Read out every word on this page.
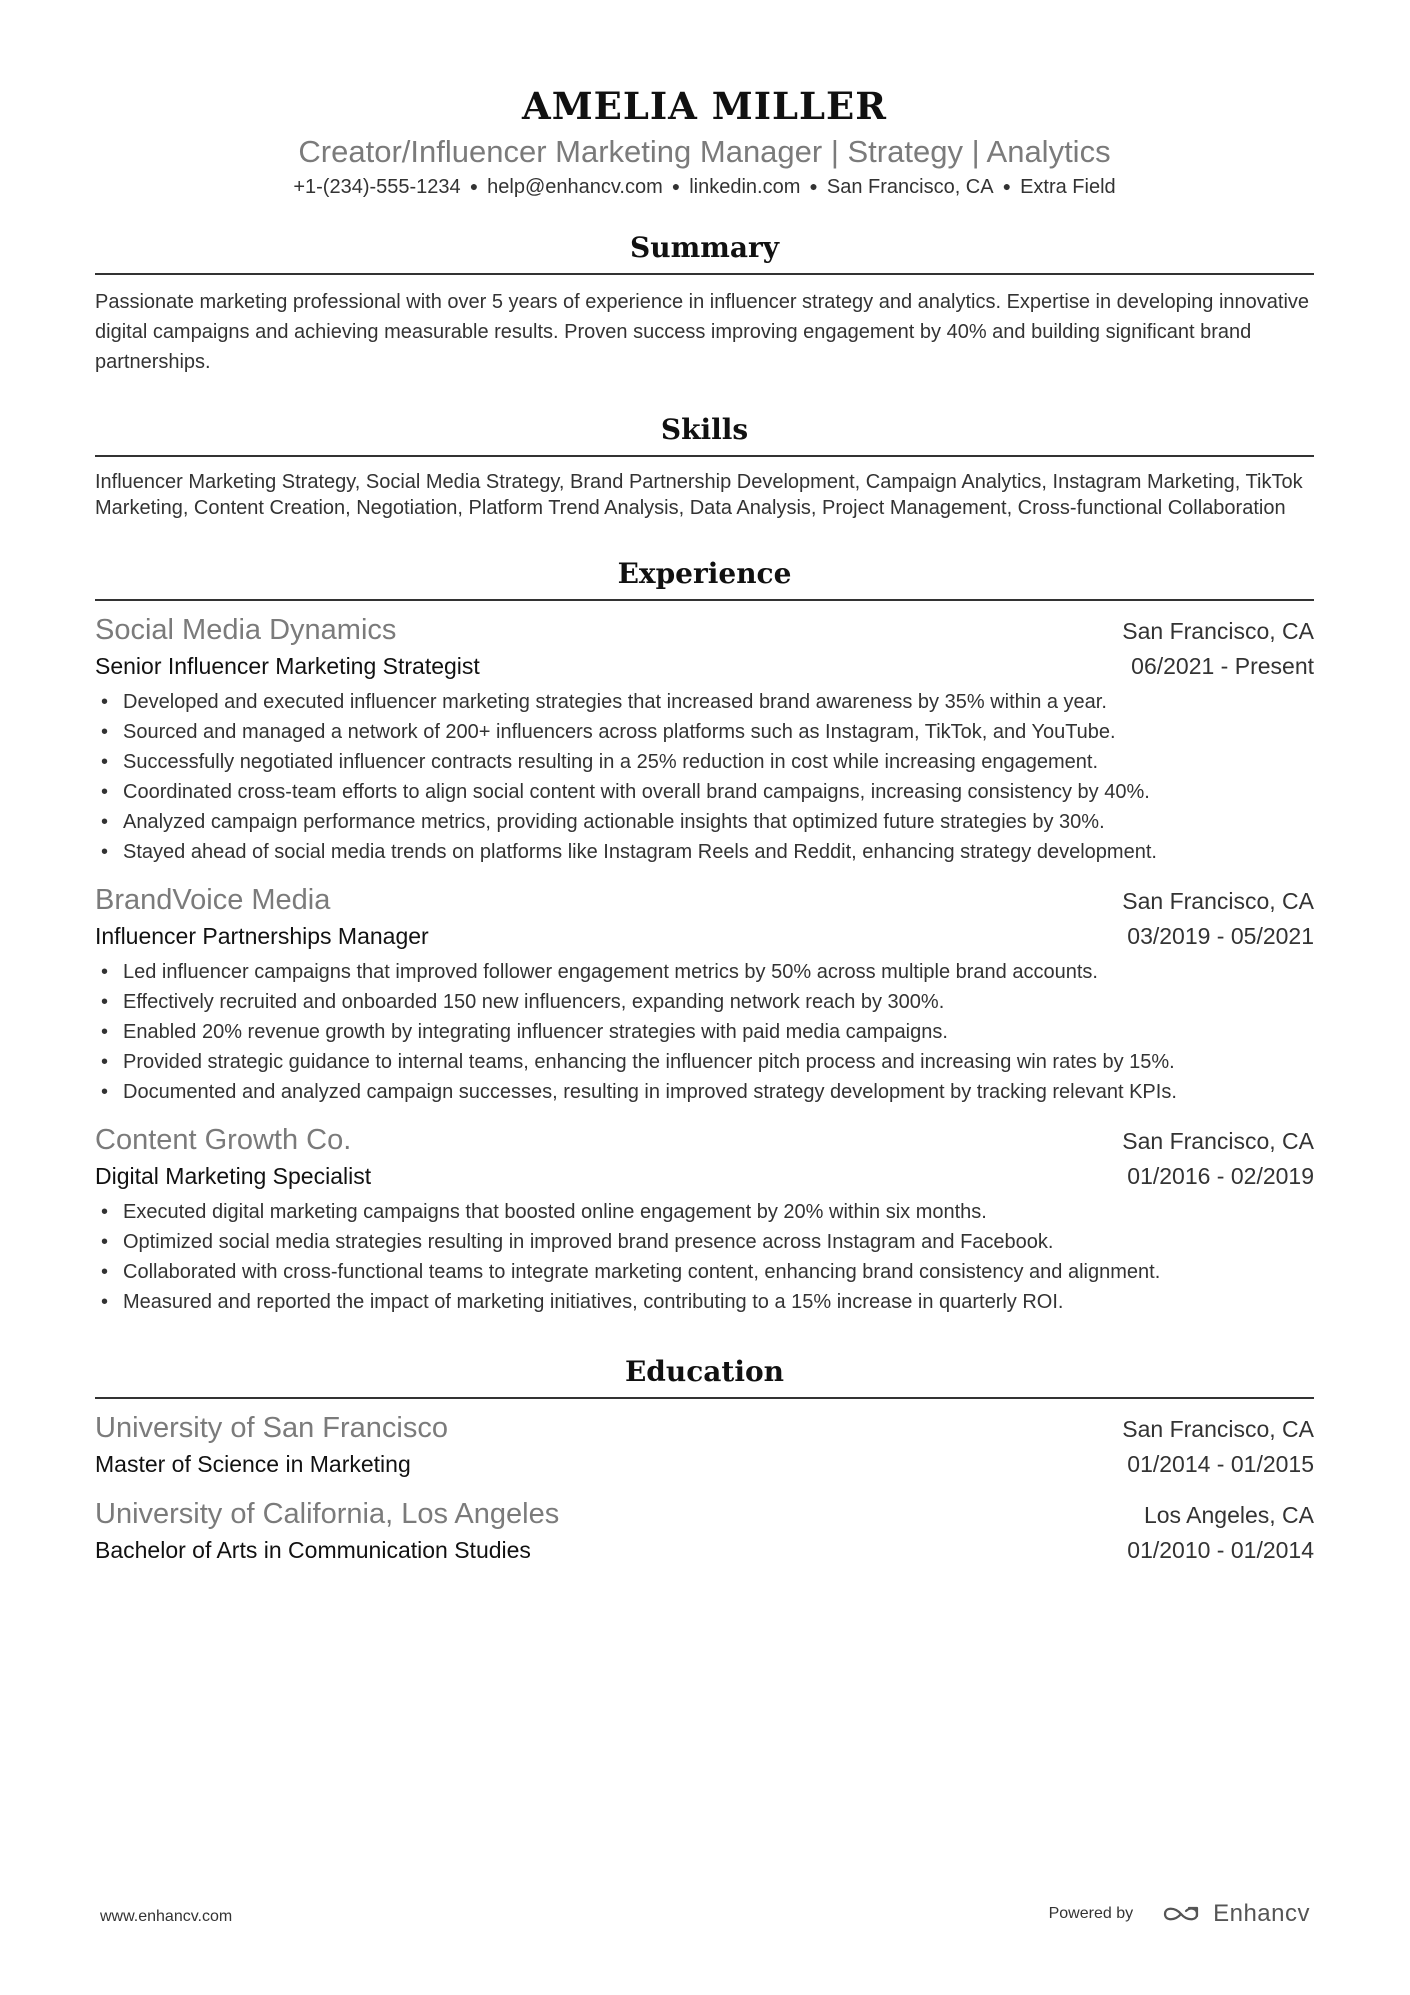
AMELIA MILLER
Creator/Influencer Marketing Manager | Strategy | Analytics
+1-(234)-555-1234 ● help@enhancv.com ● linkedin.com ● San Francisco, CA ● Extra Field
Summary
Passionate marketing professional with over 5 years of experience in influencer strategy and analytics. Expertise in developing innovative digital campaigns and achieving measurable results. Proven success improving engagement by 40% and building significant brand partnerships.
Skills
Influencer Marketing Strategy, Social Media Strategy, Brand Partnership Development, Campaign Analytics, Instagram Marketing, TikTok Marketing, Content Creation, Negotiation, Platform Trend Analysis, Data Analysis, Project Management, Cross-functional Collaboration
Experience
Social Media Dynamics	San Francisco, CA
Senior Influencer Marketing Strategist	06/2021 - Present
• Developed and executed influencer marketing strategies that increased brand awareness by 35% within a year.
• Sourced and managed a network of 200+ influencers across platforms such as Instagram, TikTok, and YouTube.
• Successfully negotiated influencer contracts resulting in a 25% reduction in cost while increasing engagement.
• Coordinated cross-team efforts to align social content with overall brand campaigns, increasing consistency by 40%.
• Analyzed campaign performance metrics, providing actionable insights that optimized future strategies by 30%.
• Stayed ahead of social media trends on platforms like Instagram Reels and Reddit, enhancing strategy development.
BrandVoice Media	San Francisco, CA
Influencer Partnerships Manager	03/2019 - 05/2021
• Led influencer campaigns that improved follower engagement metrics by 50% across multiple brand accounts.
• Effectively recruited and onboarded 150 new influencers, expanding network reach by 300%.
• Enabled 20% revenue growth by integrating influencer strategies with paid media campaigns.
• Provided strategic guidance to internal teams, enhancing the influencer pitch process and increasing win rates by 15%.
• Documented and analyzed campaign successes, resulting in improved strategy development by tracking relevant KPIs.
Content Growth Co.	San Francisco, CA
Digital Marketing Specialist	01/2016 - 02/2019
• Executed digital marketing campaigns that boosted online engagement by 20% within six months.
• Optimized social media strategies resulting in improved brand presence across Instagram and Facebook.
• Collaborated with cross-functional teams to integrate marketing content, enhancing brand consistency and alignment.
• Measured and reported the impact of marketing initiatives, contributing to a 15% increase in quarterly ROI.
Education
University of San Francisco	San Francisco, CA
Master of Science in Marketing	01/2014 - 01/2015
University of California, Los Angeles	Los Angeles, CA
Bachelor of Arts in Communication Studies	01/2010 - 01/2014
www.enhancv.com	Powered by	Enhancv
